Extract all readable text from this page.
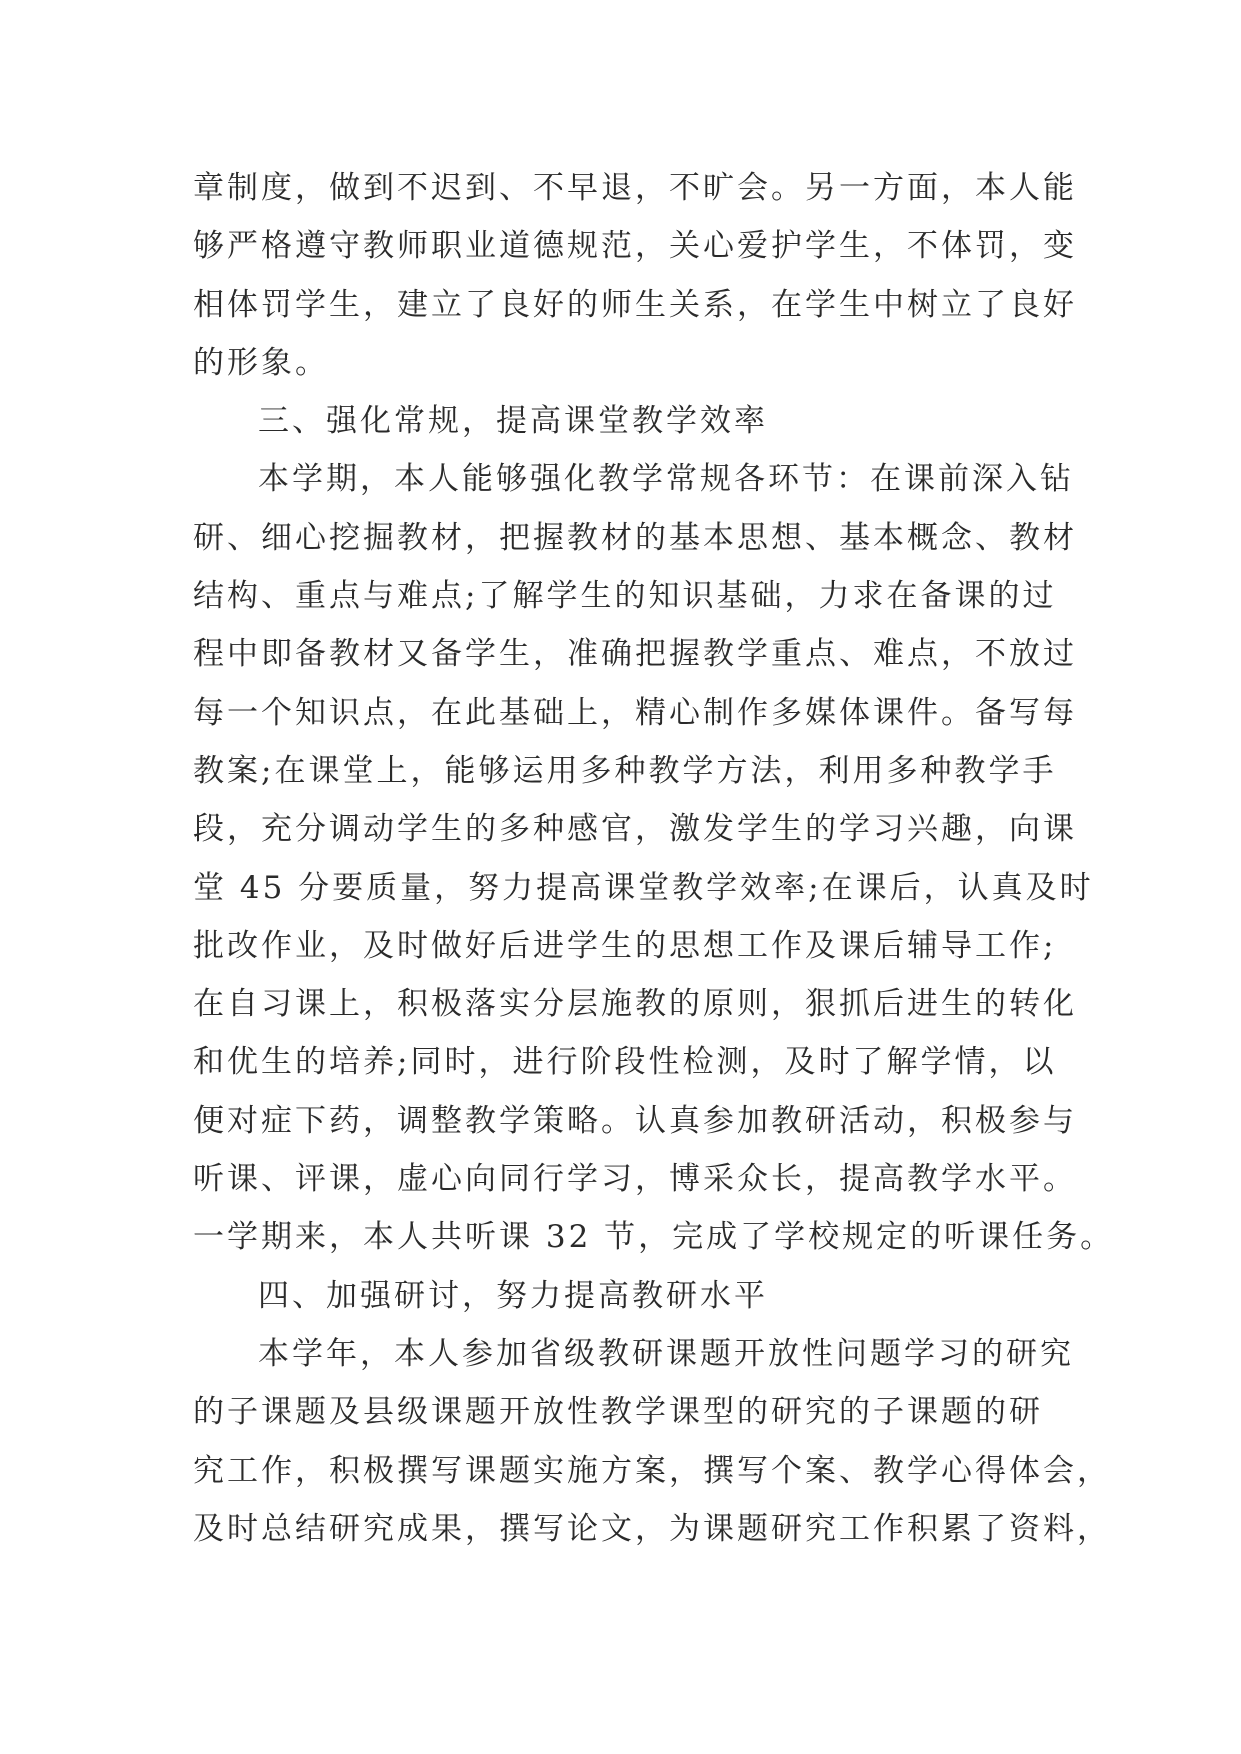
章制度，做到不迟到、不早退，不旷会。另一方面，本人能
够严格遵守教师职业道德规范，关心爱护学生，不体罚，变
相体罚学生，建立了良好的师生关系，在学生中树立了良好
的形象。
三、强化常规，提高课堂教学效率
本学期，本人能够强化教学常规各环节：在课前深入钻
研、细心挖掘教材，把握教材的基本思想、基本概念、教材
结构、重点与难点;了解学生的知识基础，力求在备课的过
程中即备教材又备学生，准确把握教学重点、难点，不放过
每一个知识点，在此基础上，精心制作多媒体课件。备写每
教案;在课堂上，能够运用多种教学方法，利用多种教学手
段，充分调动学生的多种感官，激发学生的学习兴趣，向课
堂 45 分要质量，努力提高课堂教学效率;在课后，认真及时
批改作业，及时做好后进学生的思想工作及课后辅导工作;
在自习课上，积极落实分层施教的原则，狠抓后进生的转化
和优生的培养;同时，进行阶段性检测，及时了解学情，以
便对症下药，调整教学策略。认真参加教研活动，积极参与
听课、评课，虚心向同行学习，博采众长，提高教学水平。
一学期来，本人共听课 32 节，完成了学校规定的听课任务。
四、加强研讨，努力提高教研水平
本学年，本人参加省级教研课题开放性问题学习的研究
的子课题及县级课题开放性教学课型的研究的子课题的研
究工作，积极撰写课题实施方案，撰写个案、教学心得体会，
及时总结研究成果，撰写论文，为课题研究工作积累了资料，
